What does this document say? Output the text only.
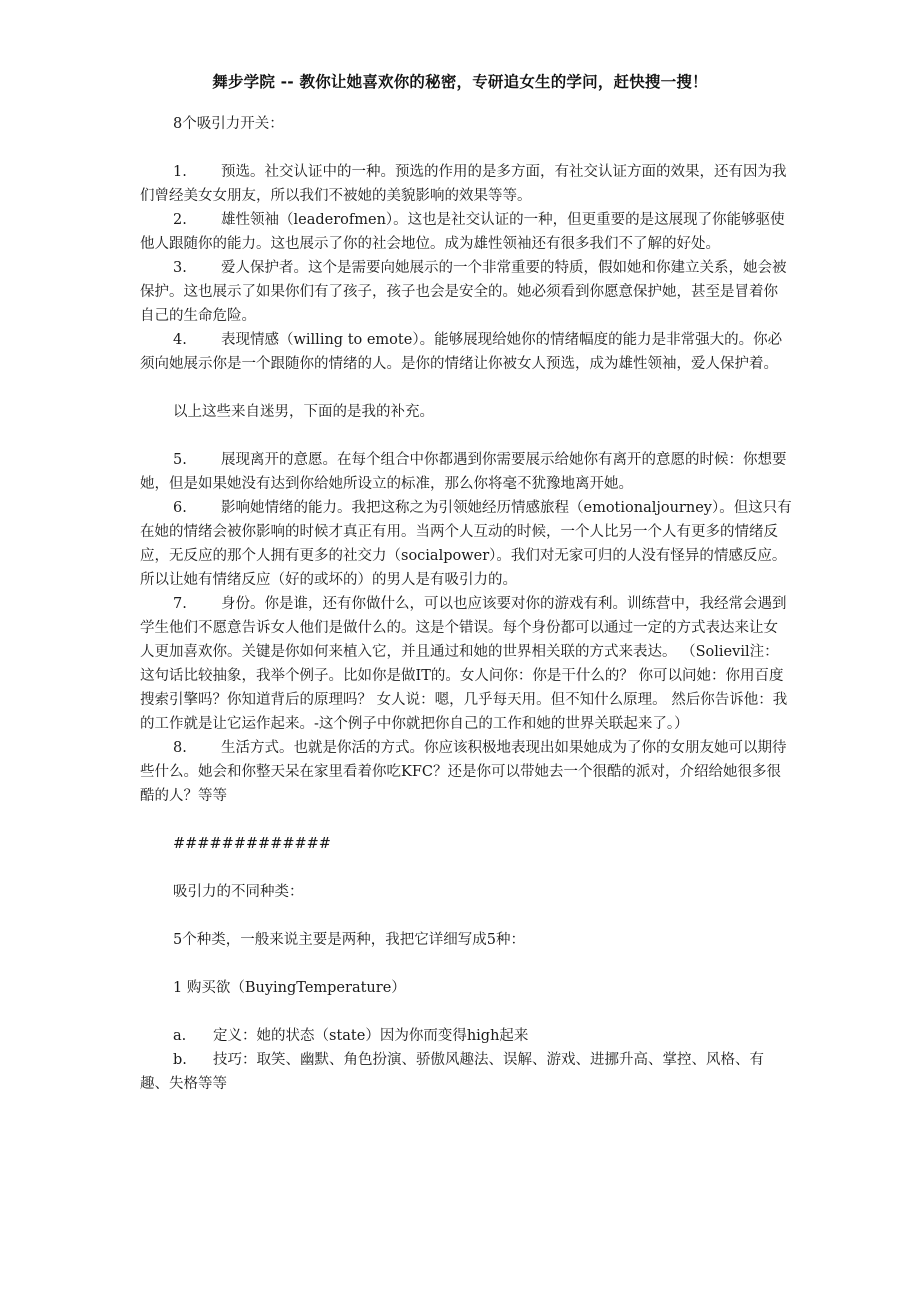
舞步学院 -- 教你让她喜欢你的秘密，专研追女生的学问，赶快搜一搜！

8个吸引力开关：

1. 预选。社交认证中的一种。预选的作用的是多方面，有社交认证方面的效果，还有因为我们曾经美女女朋友，所以我们不被她的美貌影响的效果等等。

2. 雄性领袖（leaderofmen）。这也是社交认证的一种，但更重要的是这展现了你能够驱使他人跟随你的能力。这也展示了你的社会地位。成为雄性领袖还有很多我们不了解的好处。

3. 爱人保护者。这个是需要向她展示的一个非常重要的特质，假如她和你建立关系，她会被保护。这也展示了如果你们有了孩子，孩子也会是安全的。她必须看到你愿意保护她，甚至是冒着你自己的生命危险。

4. 表现情感（willing to emote）。能够展现给她你的情绪幅度的能力是非常强大的。你必须向她展示你是一个跟随你的情绪的人。是你的情绪让你被女人预选，成为雄性领袖，爱人保护着。

以上这些来自迷男，下面的是我的补充。

5. 展现离开的意愿。在每个组合中你都遇到你需要展示给她你有离开的意愿的时候：你想要她，但是如果她没有达到你给她所设立的标准，那么你将毫不犹豫地离开她。

6. 影响她情绪的能力。我把这称之为引领她经历情感旅程（emotionaljourney）。但这只有在她的情绪会被你影响的时候才真正有用。当两个人互动的时候，一个人比另一个人有更多的情绪反应，无反应的那个人拥有更多的社交力（socialpower）。我们对无家可归的人没有怪异的情感反应。所以让她有情绪反应（好的或坏的）的男人是有吸引力的。

7. 身份。你是谁，还有你做什么，可以也应该要对你的游戏有利。训练营中，我经常会遇到学生他们不愿意告诉女人他们是做什么的。这是个错误。每个身份都可以通过一定的方式表达来让女人更加喜欢你。关键是你如何来植入它，并且通过和她的世界相关联的方式来表达。 （Solievil注：这句话比较抽象，我举个例子。比如你是做IT的。女人问你：你是干什么的？ 你可以问她：你用百度搜索引擎吗？你知道背后的原理吗？ 女人说：嗯，几乎每天用。但不知什么原理。 然后你告诉他：我的工作就是让它运作起来。-这个例子中你就把你自己的工作和她的世界关联起来了。）

8. 生活方式。也就是你活的方式。你应该积极地表现出如果她成为了你的女朋友她可以期待些什么。她会和你整天呆在家里看着你吃KFC？还是你可以带她去一个很酷的派对，介绍给她很多很酷的人？等等

#############

吸引力的不同种类：

5个种类，一般来说主要是两种，我把它详细写成5种：

1 购买欲（BuyingTemperature）

a. 定义：她的状态（state）因为你而变得high起来

b. 技巧：取笑、幽默、角色扮演、骄傲风趣法、误解、游戏、进挪升高、掌控、风格、有趣、失格等等
